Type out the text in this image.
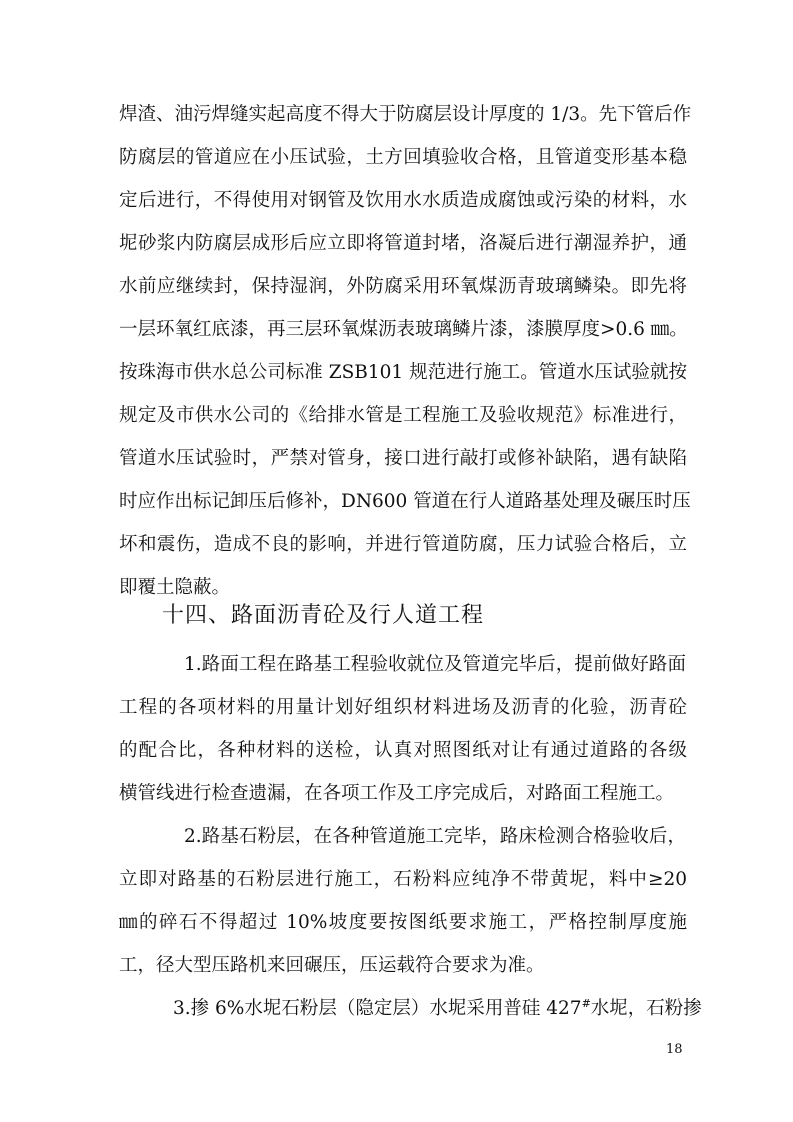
焊渣、油污焊缝实起高度不得大于防腐层设计厚度的 1/3。先下管后作
防腐层的管道应在小压试验，土方回填验收合格，且管道变形基本稳
定后进行，不得使用对钢管及饮用水水质造成腐蚀或污染的材料，水
坭砂浆内防腐层成形后应立即将管道封堵，洛凝后进行潮湿养护，通
水前应继续封，保持湿润，外防腐采用环氧煤沥青玻璃鳞染。即先将
一层环氧红底漆，再三层环氧煤沥表玻璃鳞片漆，漆膜厚度>0.6 ㎜。
按珠海市供水总公司标准 ZSB101 规范进行施工。管道水压试验就按
规定及市供水公司的《给排水管是工程施工及验收规范》标准进行，
管道水压试验时，严禁对管身，接口进行敲打或修补缺陷，遇有缺陷
时应作出标记卸压后修补，DN600 管道在行人道路基处理及碾压时压
坏和震伤，造成不良的影响，并进行管道防腐，压力试验合格后，立
即覆土隐蔽。
十四、路面沥青砼及行人道工程
1.路面工程在路基工程验收就位及管道完毕后，提前做好路面
工程的各项材料的用量计划好组织材料进场及沥青的化验，沥青砼
的配合比，各种材料的送检，认真对照图纸对让有通过道路的各级
横管线进行检查遗漏，在各项工作及工序完成后，对路面工程施工。
2.路基石粉层，在各种管道施工完毕，路床检测合格验收后，
立即对路基的石粉层进行施工，石粉料应纯净不带黄坭，料中≥20
㎜的碎石不得超过 10%坡度要按图纸要求施工，严格控制厚度施
工，径大型压路机来回碾压，压运载符合要求为准。
3.掺 6%水坭石粉层（隐定层）水坭采用普硅 427#水坭，石粉掺
18
